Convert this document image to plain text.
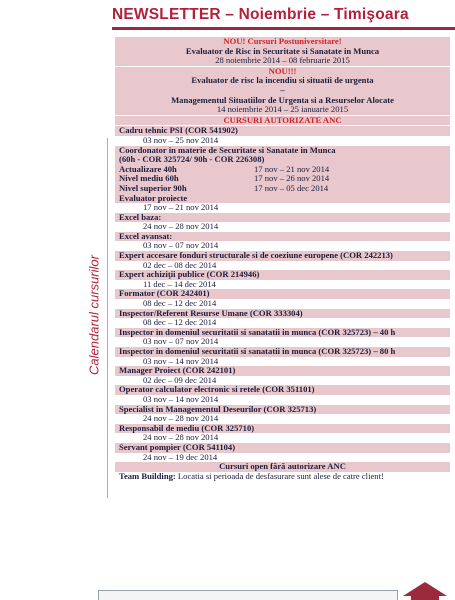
NEWSLETTER – Noiembrie – Timişoara
Calendarul cursurilor
NOU! Cursuri Postuniversitare!
Evaluator de Risc in Securitate si Sanatate in Munca
28 noiembrie 2014 – 08 februarie 2015
NOU!!!
Evaluator de risc la incendiu si situatii de urgenta
–
Managementul Situatiilor de Urgenta si a Resurselor Alocate
14 noiembrie 2014 – 25 ianuarie 2015
CURSURI AUTORIZATE ANC
Cadru tehnic PSI (COR 541902)
03 nov – 25 nov 2014
Coordonator in materie de Securitate si Sanatate in Munca
(60h - COR 325724/ 90h - COR 226308)
Actualizare 40h	17 nov – 21 nov 2014
Nivel mediu 60h	17 nov – 26 nov 2014
Nivel superior 90h	17 nov – 05 dec 2014
Evaluator proiecte
17 nov – 21 nov 2014
Excel baza:
24 nov – 28 nov 2014
Excel avansat:
03 nov – 07 nov 2014
Expert accesare fonduri structurale si de coeziune europene (COR 242213)
02 dec – 08 dec 2014
Expert achiziţii publice (COR 214946)
11 dec – 14 dec 2014
Formator (COR 242401)
08 dec – 12 dec 2014
Inspector/Referent Resurse Umane (COR 333304)
08 dec – 12 dec 2014
Inspector in domeniul securitatii si sanatatii in munca (COR 325723) – 40 h
03 nov – 07 nov 2014
Inspector in domeniul securitatii si sanatatii in munca (COR 325723) – 80 h
03 nov – 14 nov 2014
Manager Proiect (COR 242101)
02 dec – 09 dec 2014
Operator calculator electronic si retele (COR 351101)
03 nov – 14 nov 2014
Specialist in Managementul Deseurilor (COR 325713)
24 nov – 28 nov 2014
Responsabil de mediu (COR 325710)
24 nov – 28 nov 2014
Servant pompier (COR 541104)
24 nov – 19 dec 2014
Cursuri open fără autorizare ANC
Team Building: Locatia si perioada de desfasurare sunt alese de catre client!
